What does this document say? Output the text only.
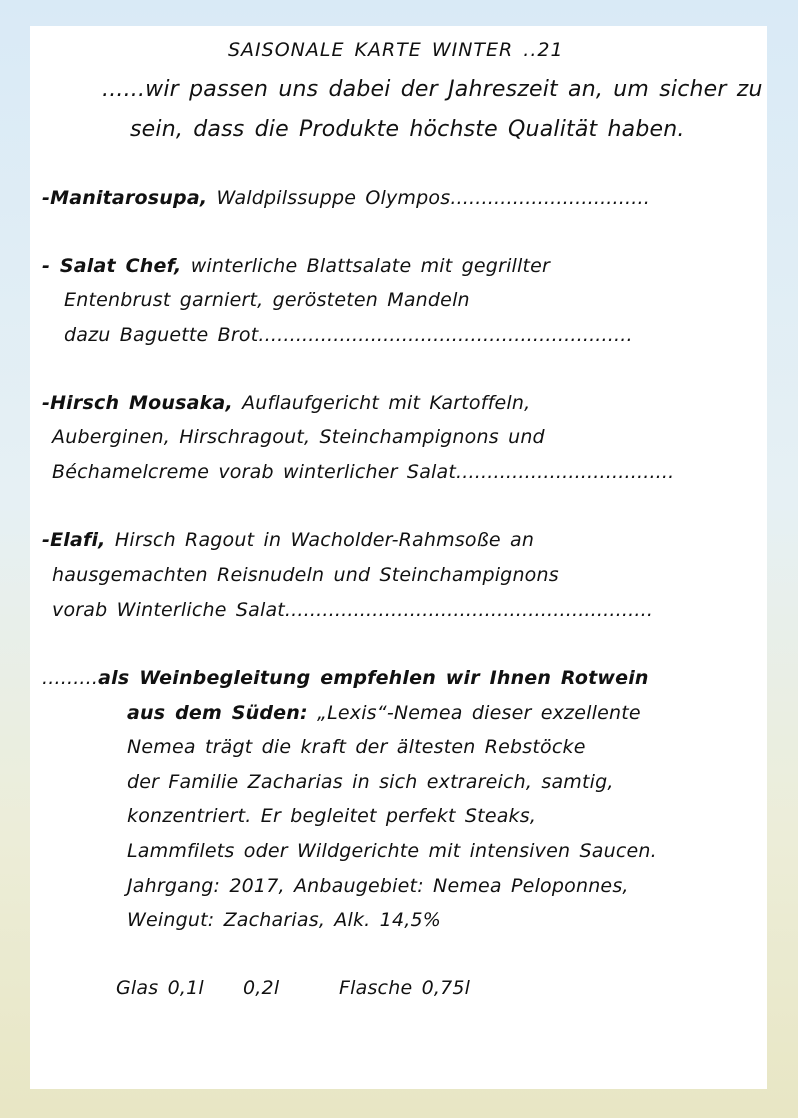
SAISONALE KARTE WINTER ..21
......wir passen uns dabei der Jahreszeit an, um sicher zu
sein, dass die Produkte höchste Qualität haben.
-Manitarosupa, Waldpilssuppe Olympos................................
- Salat Chef, winterliche Blattsalate mit gegrillter
Entenbrust garniert, gerösteten Mandeln
dazu Baguette Brot............................................................
-Hirsch Mousaka, Auflaufgericht mit Kartoffeln,
Auberginen, Hirschragout, Steinchampignons und
Béchamelcreme vorab winterlicher Salat...................................
-Elafi, Hirsch Ragout in Wacholder-Rahmsoße an
hausgemachten Reisnudeln und Steinchampignons
vorab Winterliche Salat...........................................................
.........als Weinbegleitung empfehlen wir Ihnen Rotwein
aus dem Süden: „Lexis“-Nemea dieser exzellente
Nemea trägt die kraft der ältesten Rebstöcke
der Familie Zacharias in sich extrareich, samtig,
konzentriert. Er begleitet perfekt Steaks,
Lammfilets oder Wildgerichte mit intensiven Saucen.
Jahrgang: 2017, Anbaugebiet: Nemea Peloponnes,
Weingut: Zacharias, Alk. 14,5%
Glas 0,1l 0,2l	Flasche 0,75l
